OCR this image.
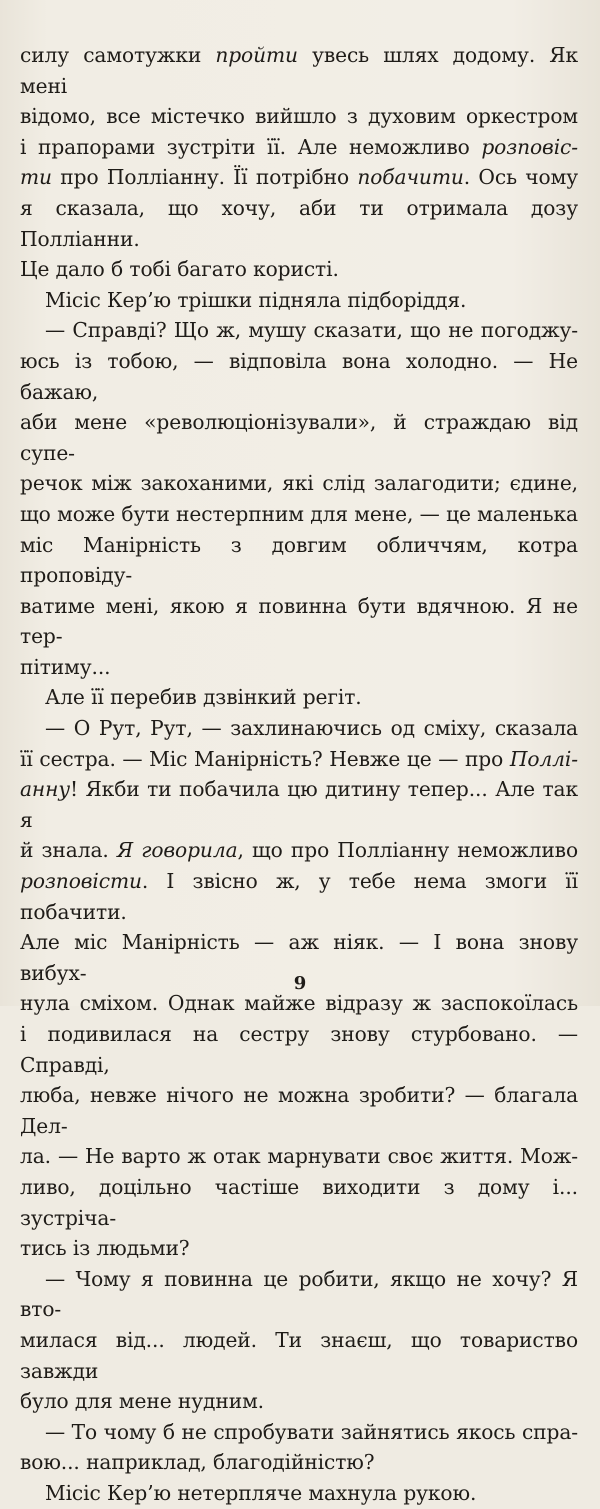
силу самотужки пройти увесь шлях додому. Як мені
відомо, все містечко вийшло з духовим оркестром
і прапорами зустріти її. Але неможливо розповіс-
ти про Поллiанну. Її потрібно побачити. Ось чому
я сказала, що хочу, аби ти отримала дозу Поллiанни.
Це дало б тобі багато користі.

Місіс Кер’ю трішки підняла підборіддя.

— Справді? Що ж, мушу сказати, що не погоджу-
юсь із тобою, — відповіла вона холодно. — Не бажаю,
аби мене «революціонізували», й страждаю від супе-
речок між закоханими, які слід залагодити; єдине,
що може бути нестерпним для мене, — це маленька
міс Манірність з довгим обличчям, котра проповіду-
ватиме мені, якою я повинна бути вдячною. Я не тер-
пітиму...

Але її перебив дзвінкий регіт.

— О Рут, Рут, — захлинаючись од сміху, сказала
її сестра. — Міс Манірність? Невже це — про Поллі-
анну! Якби ти побачила цю дитину тепер... Але так я
й знала. Я говорила, що про Поллiанну неможливо
розповісти. І звісно ж, у тебе нема змоги її побачити.
Але міс Манірність — аж ніяк. — І вона знову вибух-
нула сміхом. Однак майже відразу ж заспокоїлась
і подивилася на сестру знову стурбовано. — Справді,
люба, невже нічого не можна зробити? — благала Дел-
ла. — Не варто ж отак марнувати своє життя. Мож-
ливо, доцільно частіше виходити з дому і... зустріча-
тись із людьми?

— Чому я повинна це робити, якщо не хочу? Я вто-
милася від... людей. Ти знаєш, що товариство завжди
було для мене нудним.

— То чому б не спробувати зайнятись якось спра-
вою... наприклад, благодійністю?

Місіс Кер’ю нетерпляче махнула рукою.

9
